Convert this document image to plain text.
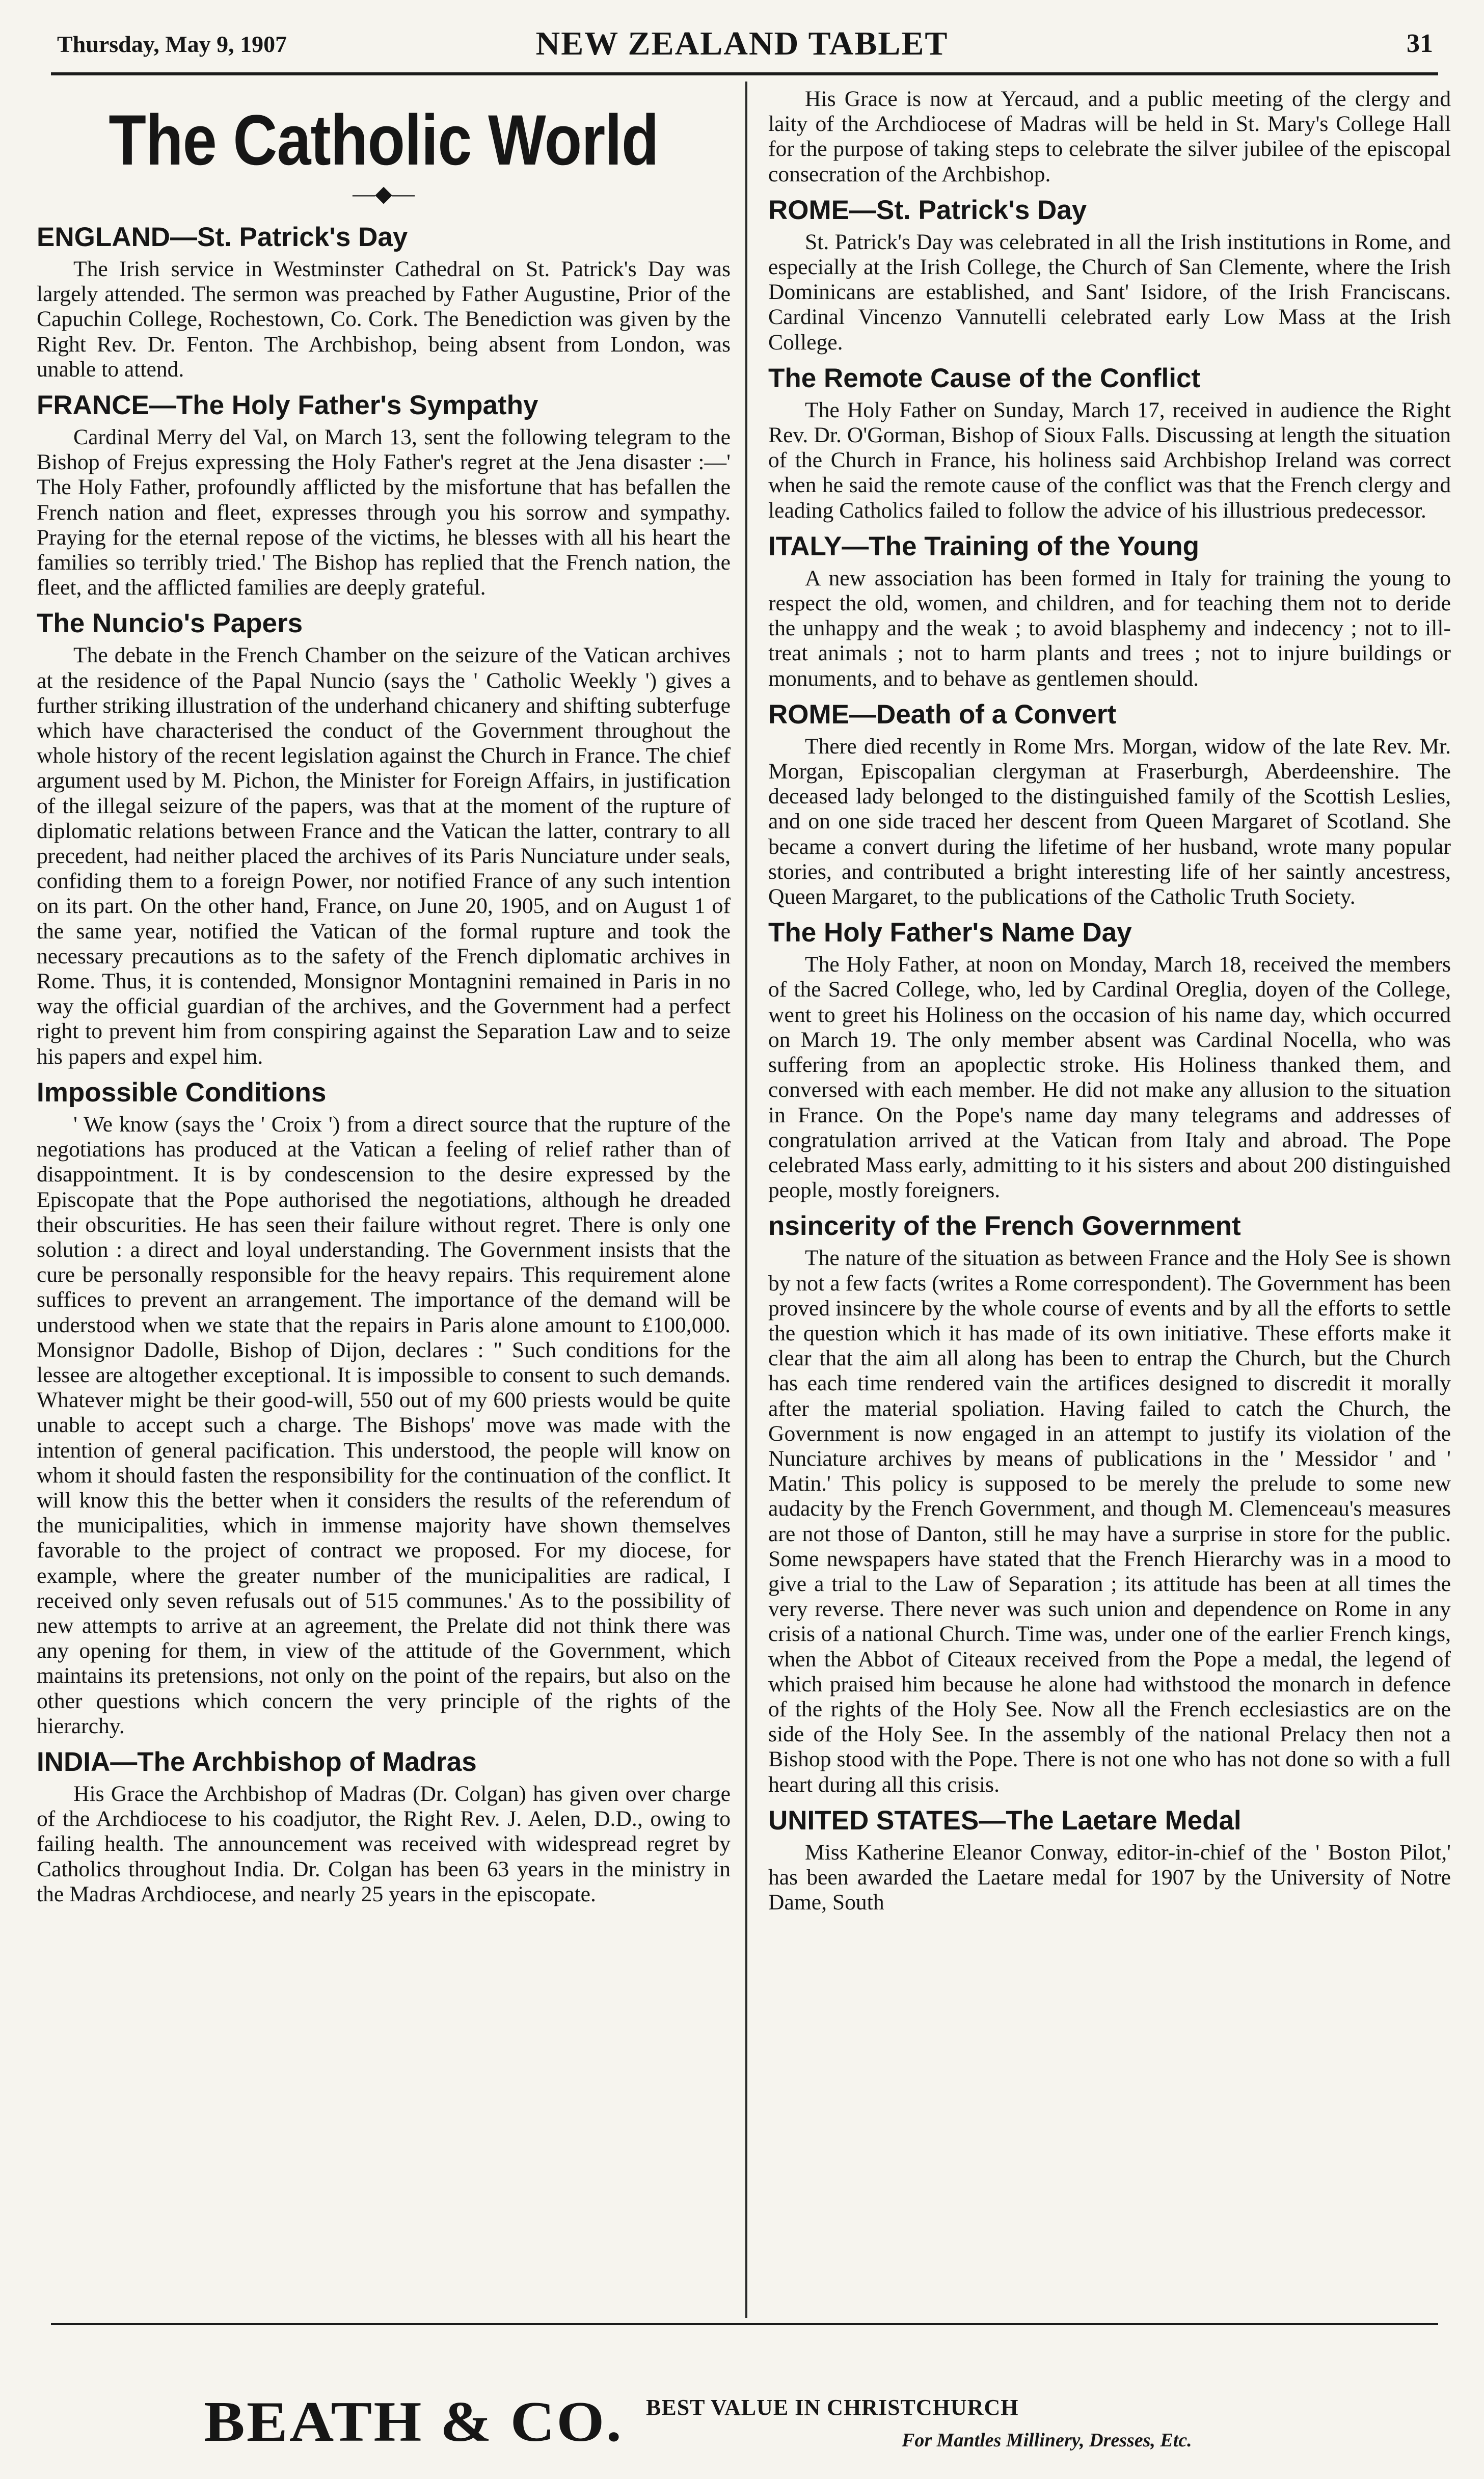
Thursday, May 9, 1907	NEW ZEALAND TABLET	31
The Catholic World
—◆—
ENGLAND—St. Patrick's Day

The Irish service in Westminster Cathedral on St. Patrick's Day was largely attended. The sermon was preached by Father Augustine, Prior of the Capuchin College, Rochestown, Co. Cork. The Benediction was given by the Right Rev. Dr. Fenton. The Archbishop, being absent from London, was unable to attend.

FRANCE—The Holy Father's Sympathy

Cardinal Merry del Val, on March 13, sent the following telegram to the Bishop of Frejus expressing the Holy Father's regret at the Jena disaster :—' The Holy Father, profoundly afflicted by the misfortune that has befallen the French nation and fleet, expresses through you his sorrow and sympathy. Praying for the eternal repose of the victims, he blesses with all his heart the families so terribly tried.' The Bishop has replied that the French nation, the fleet, and the afflicted families are deeply grateful.

The Nuncio's Papers

The debate in the French Chamber on the seizure of the Vatican archives at the residence of the Papal Nuncio (says the ' Catholic Weekly ') gives a further striking illustration of the underhand chicanery and shifting subterfuge which have characterised the conduct of the Government throughout the whole history of the recent legislation against the Church in France. The chief argument used by M. Pichon, the Minister for Foreign Affairs, in justification of the illegal seizure of the papers, was that at the moment of the rupture of diplomatic relations between France and the Vatican the latter, contrary to all precedent, had neither placed the archives of its Paris Nunciature under seals, confiding them to a foreign Power, nor notified France of any such intention on its part. On the other hand, France, on June 20, 1905, and on August 1 of the same year, notified the Vatican of the formal rupture and took the necessary precautions as to the safety of the French diplomatic archives in Rome. Thus, it is contended, Monsignor Montagnini remained in Paris in no way the official guardian of the archives, and the Government had a perfect right to prevent him from conspiring against the Separation Law and to seize his papers and expel him.

Impossible Conditions

' We know (says the ' Croix ') from a direct source that the rupture of the negotiations has produced at the Vatican a feeling of relief rather than of disappointment. It is by condescension to the desire expressed by the Episcopate that the Pope authorised the negotiations, although he dreaded their obscurities. He has seen their failure without regret. There is only one solution : a direct and loyal understanding. The Government insists that the cure be personally responsible for the heavy repairs. This requirement alone suffices to prevent an arrangement. The importance of the demand will be understood when we state that the repairs in Paris alone amount to £100,000. Monsignor Dadolle, Bishop of Dijon, declares : " Such conditions for the lessee are altogether exceptional. It is impossible to consent to such demands. Whatever might be their good-will, 550 out of my 600 priests would be quite unable to accept such a charge. The Bishops' move was made with the intention of general pacification. This understood, the people will know on whom it should fasten the responsibility for the continuation of the conflict. It will know this the better when it considers the results of the referendum of the municipalities, which in immense majority have shown themselves favorable to the project of contract we proposed. For my diocese, for example, where the greater number of the municipalities are radical, I received only seven refusals out of 515 communes.' As to the possibility of new attempts to arrive at an agreement, the Prelate did not think there was any opening for them, in view of the attitude of the Government, which maintains its pretensions, not only on the point of the repairs, but also on the other questions which concern the very principle of the rights of the hierarchy.

INDIA—The Archbishop of Madras

His Grace the Archbishop of Madras (Dr. Colgan) has given over charge of the Archdiocese to his coadjutor, the Right Rev. J. Aelen, D.D., owing to failing health. The announcement was received with widespread regret by Catholics throughout India. Dr. Colgan has been 63 years in the ministry in the Madras Archdiocese, and nearly 25 years in the episcopate.

His Grace is now at Yercaud, and a public meeting of the clergy and laity of the Archdiocese of Madras will be held in St. Mary's College Hall for the purpose of taking steps to celebrate the silver jubilee of the episcopal consecration of the Archbishop.

ROME—St. Patrick's Day

St. Patrick's Day was celebrated in all the Irish institutions in Rome, and especially at the Irish College, the Church of San Clemente, where the Irish Dominicans are established, and Sant' Isidore, of the Irish Franciscans. Cardinal Vincenzo Vannutelli celebrated early Low Mass at the Irish College.

The Remote Cause of the Conflict

The Holy Father on Sunday, March 17, received in audience the Right Rev. Dr. O'Gorman, Bishop of Sioux Falls. Discussing at length the situation of the Church in France, his holiness said Archbishop Ireland was correct when he said the remote cause of the conflict was that the French clergy and leading Catholics failed to follow the advice of his illustrious predecessor.

ITALY—The Training of the Young

A new association has been formed in Italy for training the young to respect the old, women, and children, and for teaching them not to deride the unhappy and the weak ; to avoid blasphemy and indecency ; not to ill-treat animals ; not to harm plants and trees ; not to injure buildings or monuments, and to behave as gentlemen should.

ROME—Death of a Convert

There died recently in Rome Mrs. Morgan, widow of the late Rev. Mr. Morgan, Episcopalian clergyman at Fraserburgh, Aberdeenshire. The deceased lady belonged to the distinguished family of the Scottish Leslies, and on one side traced her descent from Queen Margaret of Scotland. She became a convert during the lifetime of her husband, wrote many popular stories, and contributed a bright interesting life of her saintly ancestress, Queen Margaret, to the publications of the Catholic Truth Society.

The Holy Father's Name Day

The Holy Father, at noon on Monday, March 18, received the members of the Sacred College, who, led by Cardinal Oreglia, doyen of the College, went to greet his Holiness on the occasion of his name day, which occurred on March 19. The only member absent was Cardinal Nocella, who was suffering from an apoplectic stroke. His Holiness thanked them, and conversed with each member. He did not make any allusion to the situation in France. On the Pope's name day many telegrams and addresses of congratulation arrived at the Vatican from Italy and abroad. The Pope celebrated Mass early, admitting to it his sisters and about 200 distinguished people, mostly foreigners.

nsincerity of the French Government

The nature of the situation as between France and the Holy See is shown by not a few facts (writes a Rome correspondent). The Government has been proved insincere by the whole course of events and by all the efforts to settle the question which it has made of its own initiative. These efforts make it clear that the aim all along has been to entrap the Church, but the Church has each time rendered vain the artifices designed to discredit it morally after the material spoliation. Having failed to catch the Church, the Government is now engaged in an attempt to justify its violation of the Nunciature archives by means of publications in the ' Messidor ' and ' Matin.' This policy is supposed to be merely the prelude to some new audacity by the French Government, and though M. Clemenceau's measures are not those of Danton, still he may have a surprise in store for the public. Some newspapers have stated that the French Hierarchy was in a mood to give a trial to the Law of Separation ; its attitude has been at all times the very reverse. There never was such union and dependence on Rome in any crisis of a national Church. Time was, under one of the earlier French kings, when the Abbot of Citeaux received from the Pope a medal, the legend of which praised him because he alone had withstood the monarch in defence of the rights of the Holy See. Now all the French ecclesiastics are on the side of the Holy See. In the assembly of the national Prelacy then not a Bishop stood with the Pope. There is not one who has not done so with a full heart during all this crisis.

UNITED STATES—The Laetare Medal

Miss Katherine Eleanor Conway, editor-in-chief of the ' Boston Pilot,' has been awarded the Laetare medal for 1907 by the University of Notre Dame, South

BEATH & CO. BEST VALUE IN CHRISTCHURCH
For Mantles Millinery, Dresses, Etc.
